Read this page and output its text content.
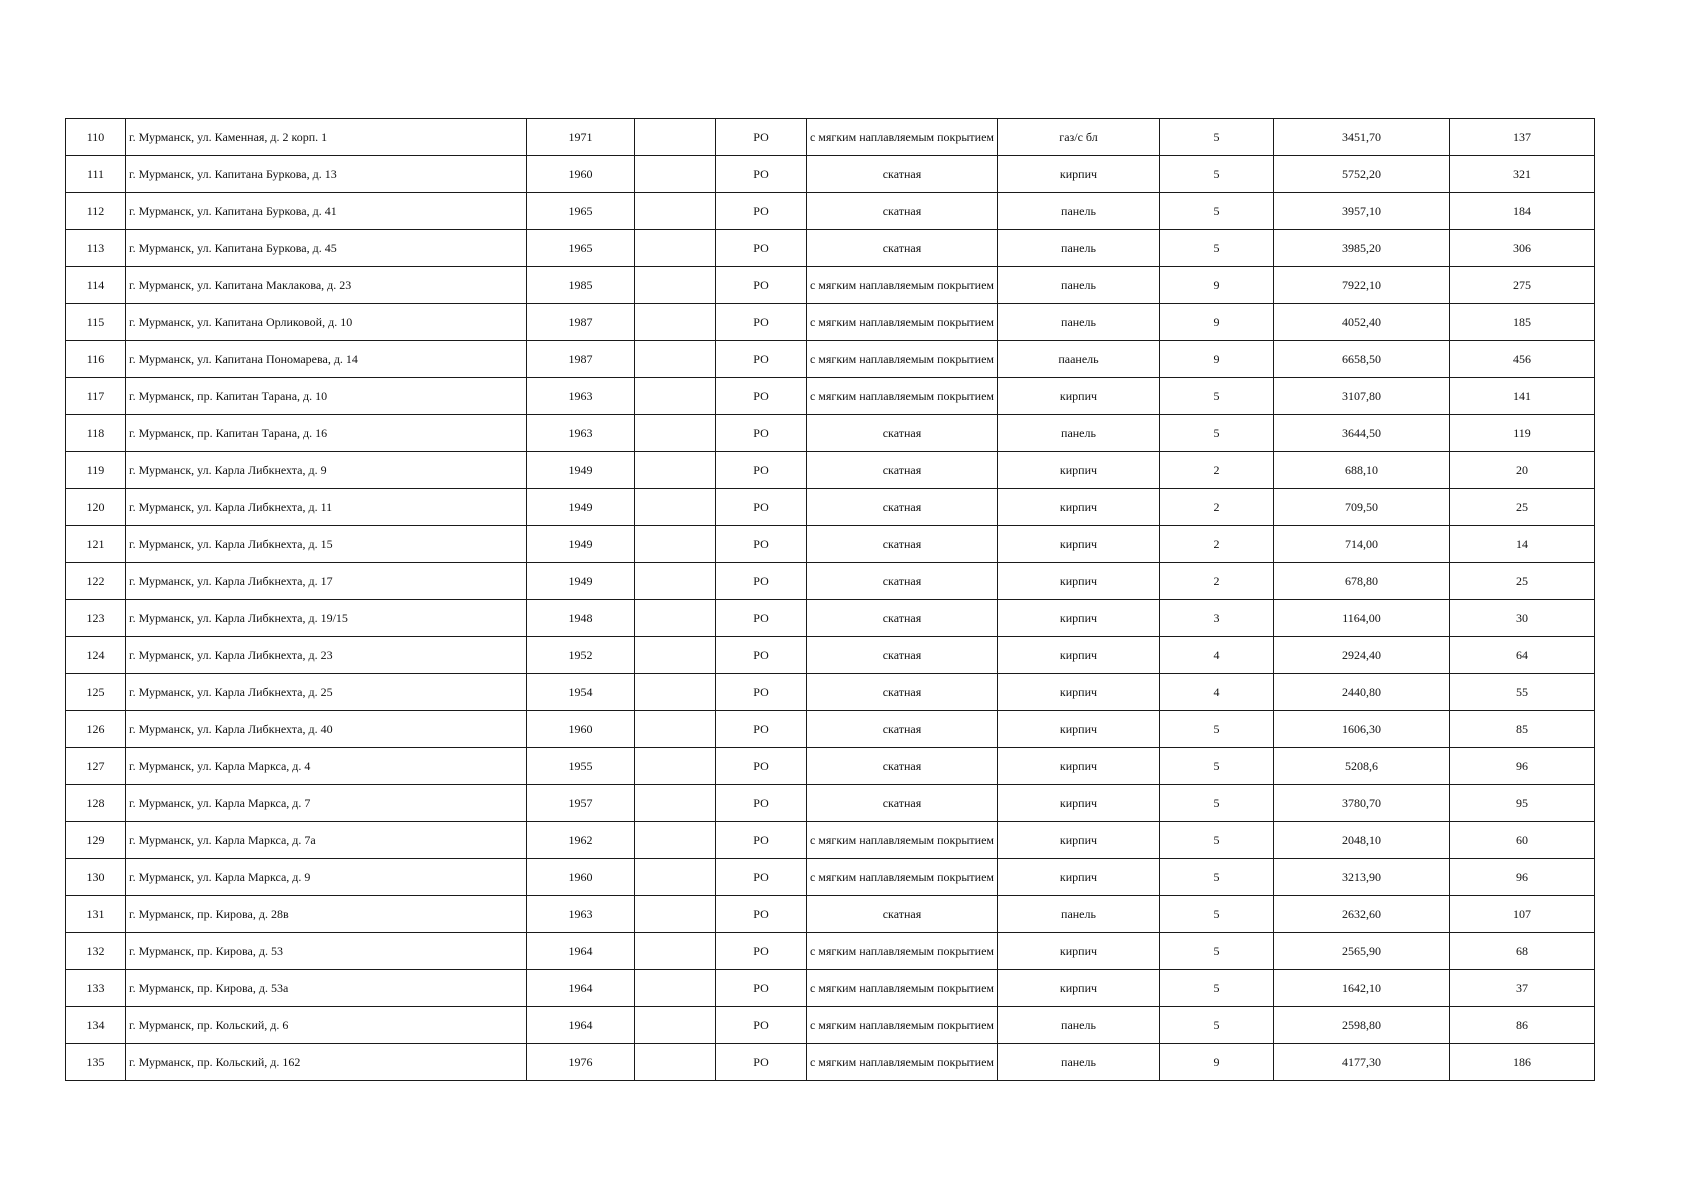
110	г. Мурманск, ул. Каменная, д. 2 корп. 1	1971		РО	с мягким наплавляемым покрытием	газ/с бл	5	3451,70	137
111	г. Мурманск, ул. Капитана Буркова, д. 13	1960		РО	скатная	кирпич	5	5752,20	321
112	г. Мурманск, ул. Капитана Буркова, д. 41	1965		РО	скатная	панель	5	3957,10	184
113	г. Мурманск, ул. Капитана Буркова, д. 45	1965		РО	скатная	панель	5	3985,20	306
114	г. Мурманск, ул. Капитана Маклакова, д. 23	1985		РО	с мягким наплавляемым покрытием	панель	9	7922,10	275
115	г. Мурманск, ул. Капитана Орликовой, д. 10	1987		РО	с мягким наплавляемым покрытием	панель	9	4052,40	185
116	г. Мурманск, ул. Капитана Пономарева, д. 14	1987		РО	с мягким наплавляемым покрытием	паанель	9	6658,50	456
117	г. Мурманск, пр. Капитан Тарана, д. 10	1963		РО	с мягким наплавляемым покрытием	кирпич	5	3107,80	141
118	г. Мурманск, пр. Капитан Тарана, д. 16	1963		РО	скатная	панель	5	3644,50	119
119	г. Мурманск, ул. Карла Либкнехта, д. 9	1949		РО	скатная	кирпич	2	688,10	20
120	г. Мурманск, ул. Карла Либкнехта, д. 11	1949		РО	скатная	кирпич	2	709,50	25
121	г. Мурманск, ул. Карла Либкнехта, д. 15	1949		РО	скатная	кирпич	2	714,00	14
122	г. Мурманск, ул. Карла Либкнехта, д. 17	1949		РО	скатная	кирпич	2	678,80	25
123	г. Мурманск, ул. Карла Либкнехта, д. 19/15	1948		РО	скатная	кирпич	3	1164,00	30
124	г. Мурманск, ул. Карла Либкнехта, д. 23	1952		РО	скатная	кирпич	4	2924,40	64
125	г. Мурманск, ул. Карла Либкнехта, д. 25	1954		РО	скатная	кирпич	4	2440,80	55
126	г. Мурманск, ул. Карла Либкнехта, д. 40	1960		РО	скатная	кирпич	5	1606,30	85
127	г. Мурманск, ул. Карла Маркса, д. 4	1955		РО	скатная	кирпич	5	5208,6	96
128	г. Мурманск, ул. Карла Маркса, д. 7	1957		РО	скатная	кирпич	5	3780,70	95
129	г. Мурманск, ул. Карла Маркса, д. 7а	1962		РО	с мягким наплавляемым покрытием	кирпич	5	2048,10	60
130	г. Мурманск, ул. Карла Маркса, д. 9	1960		РО	с мягким наплавляемым покрытием	кирпич	5	3213,90	96
131	г. Мурманск, пр. Кирова, д. 28в	1963		РО	скатная	панель	5	2632,60	107
132	г. Мурманск, пр. Кирова, д. 53	1964		РО	с мягким наплавляемым покрытием	кирпич	5	2565,90	68
133	г. Мурманск, пр. Кирова, д. 53а	1964		РО	с мягким наплавляемым покрытием	кирпич	5	1642,10	37
134	г. Мурманск, пр. Кольский, д. 6	1964		РО	с мягким наплавляемым покрытием	панель	5	2598,80	86
135	г. Мурманск, пр. Кольский, д. 162	1976		РО	с мягким наплавляемым покрытием	панель	9	4177,30	186
